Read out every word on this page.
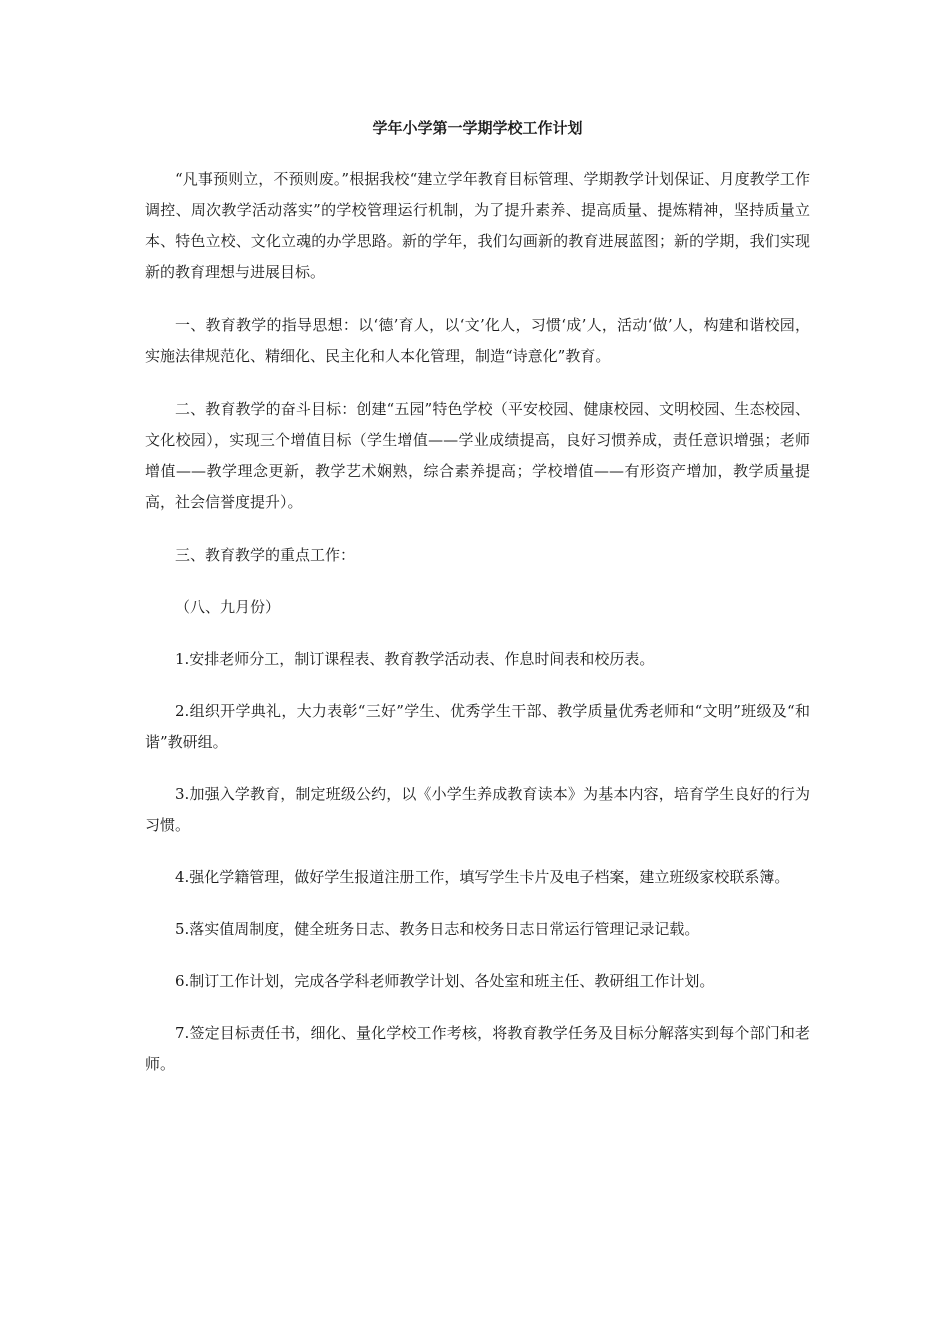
学年小学第一学期学校工作计划

“凡事预则立，不预则废。”根据我校“建立学年教育目标管理、学期教学计划保证、月度教学工作调控、周次教学活动落实”的学校管理运行机制，为了提升素养、提高质量、提炼精神，坚持质量立本、特色立校、文化立魂的办学思路。新的学年，我们勾画新的教育进展蓝图；新的学期，我们实现新的教育理想与进展目标。

一、教育教学的指导思想：以‘德’育人，以‘文’化人，习惯‘成’人，活动‘做’人，构建和谐校园，实施法律规范化、精细化、民主化和人本化管理，制造“诗意化”教育。

二、教育教学的奋斗目标：创建“五园”特色学校（平安校园、健康校园、文明校园、生态校园、文化校园），实现三个增值目标（学生增值——学业成绩提高，良好习惯养成，责任意识增强；老师增值——教学理念更新，教学艺术娴熟，综合素养提高；学校增值——有形资产增加，教学质量提高，社会信誉度提升）。

三、教育教学的重点工作：

（八、九月份）

1.安排老师分工，制订课程表、教育教学活动表、作息时间表和校历表。

2.组织开学典礼，大力表彰“三好”学生、优秀学生干部、教学质量优秀老师和“文明”班级及“和谐”教研组。

3.加强入学教育，制定班级公约，以《小学生养成教育读本》为基本内容，培育学生良好的行为习惯。

4.强化学籍管理，做好学生报道注册工作，填写学生卡片及电子档案，建立班级家校联系簿。

5.落实值周制度，健全班务日志、教务日志和校务日志日常运行管理记录记载。

6.制订工作计划，完成各学科老师教学计划、各处室和班主任、教研组工作计划。

7.签定目标责任书，细化、量化学校工作考核，将教育教学任务及目标分解落实到每个部门和老师。
